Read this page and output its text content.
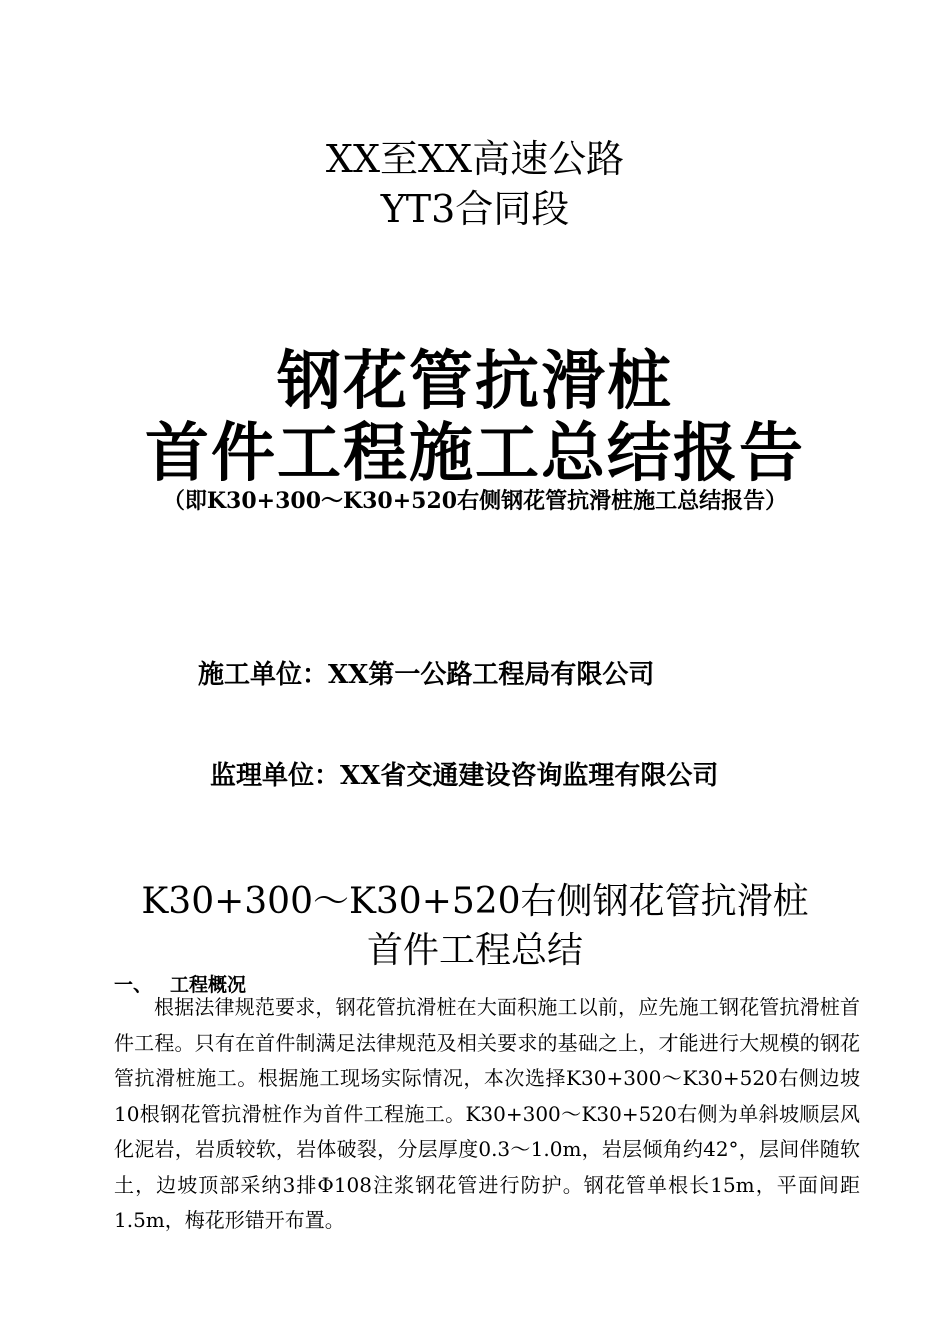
XX至XX高速公路
YT3合同段
钢花管抗滑桩
首件工程施工总结报告
（即K30+300～K30+520右侧钢花管抗滑桩施工总结报告）
施工单位：XX第一公路工程局有限公司
监理单位：XX省交通建设咨询监理有限公司
K30+300～K30+520右侧钢花管抗滑桩
首件工程总结
一、 工程概况

根据法律规范要求，钢花管抗滑桩在大面积施工以前，应先施工钢花管抗滑桩首件工程。只有在首件制满足法律规范及相关要求的基础之上，才能进行大规模的钢花管抗滑桩施工。根据施工现场实际情况，本次选择K30+300～K30+520右侧边坡10根钢花管抗滑桩作为首件工程施工。K30+300～K30+520右侧为单斜坡顺层风化泥岩，岩质较软，岩体破裂，分层厚度0.3～1.0m，岩层倾角约42°，层间伴随软土，边坡顶部采纳3排Φ108注浆钢花管进行防护。钢花管单根长15m，平面间距1.5m，梅花形错开布置。
